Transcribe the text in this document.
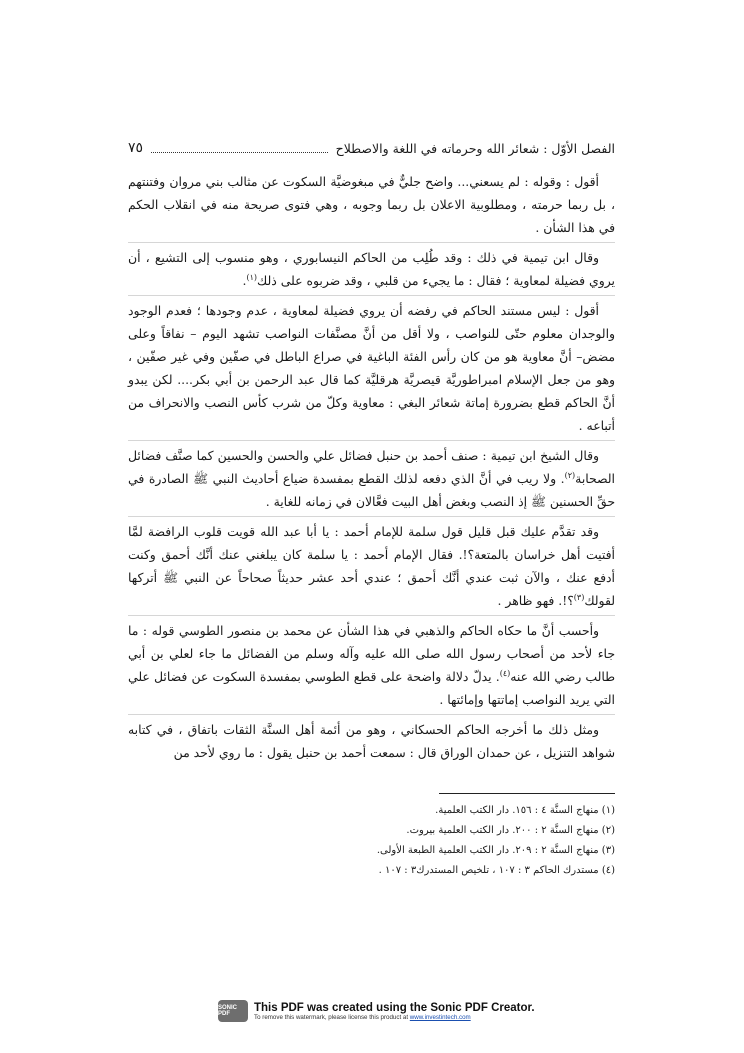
الفصل الأوّل : شعائر الله وحرماته في اللغة والاصطلاح
٧٥

أقول : وقوله : لم يسعني... واضح جليٌّ في مبغوضيَّة السكوت عن مثالب بني مروان وفتنتهم ، بل ربما حرمته ، ومطلوبية الاعلان بل ربما وجوبه ، وهي فتوى صريحة منه في انقلاب الحكم في هذا الشأن .

وقال ابن تيمية في ذلك : وقد طُلِب من الحاكم النيسابوري ، وهو منسوب إلى التشيع ، أن يروي فضيلة لمعاوية ؛ فقال : ما يجيء من قلبي ، وقد ضربوه على ذلك$^{(١)}$.

أقول : ليس مستند الحاكم في رفضه أن يروي فضيلة لمعاوية ، عدم وجودها ؛ فعدم الوجود والوجدان معلوم حتّى للنواصب ، ولا أقل من أنَّ مصنَّفات النواصب تشهد اليوم – نفاقاً وعلى مضض– أنَّ معاوية هو من كان رأس الفئة الباغية في صراع الباطل في صفّين وفي غير صفّين ، وهو من جعل الإسلام امبراطوريَّة قيصريَّة هرقليَّة كما قال عبد الرحمن بن أبي بكر.... لكن يبدو أنَّ الحاكم قطع بضرورة إماتة شعائر البغي : معاوية وكلّ من شرب كأس النصب والانحراف من أتباعه .

وقال الشيخ ابن تيمية : صنف أحمد بن حنبل فضائل علي والحسن والحسين كما صنَّف فضائل الصحابة$^{(٢)}$. ولا ريب في أنَّ الذي دفعه لذلك القطع بمفسدة ضياع أحاديث النبي ﷺ الصادرة في حقِّ الحسنين ﷺ إذ النصب وبغض أهل البيت فعَّالان في زمانه للغاية .

وقد تقدَّم عليك قبل قليل قول سلمة للإمام أحمد : يا أبا عبد الله قويت قلوب الرافضة لمَّا أفتيت أهل خراسان بالمتعة؟!. فقال الإمام أحمد : يا سلمة كان يبلغني عنك أنَّك أحمق وكنت أدفع عنك ، والآن ثبت عندي أنَّك أحمق ؛ عندي أحد عشر حديثاً صحاحاً عن النبي ﷺ أتركها لقولك$^{(٣)}$؟!. فهو ظاهر .

وأحسب أنَّ ما حكاه الحاكم والذهبي في هذا الشأن عن محمد بن منصور الطوسي قوله : ما جاء لأحد من أصحاب رسول الله صلى الله عليه وآله وسلم من الفضائل ما جاء لعلي بن أبي طالب رضي الله عنه$^{(٤)}$. يدلّ دلالة واضحة على قطع الطوسي بمفسدة السكوت عن فضائل علي التي يريد النواصب إماتتها وإمائتها .

ومثل ذلك ما أخرجه الحاكم الحسكاني ، وهو من أئمة أهل السنَّة الثقات باتفاق ، في كتابه شواهد التنزيل ، عن حمدان الوراق قال : سمعت أحمد بن حنبل يقول : ما روي لأحد من

(١) منهاج السنَّة ٤ : ١٥٦. دار الكتب العلمية.
(٢) منهاج السنَّة ٢ : ٢٠٠. دار الكتب العلمية بيروت.
(٣) منهاج السنَّة ٢ : ٢٠٩. دار الكتب العلمية الطبعة الأولى.
(٤) مستدرك الحاكم ٣ : ١٠٧ ، تلخيص المستدرك٣ : ١٠٧ .
SONIC PDF
This PDF was created using the Sonic PDF Creator.
To remove this watermark, please license this product at www.investintech.com
